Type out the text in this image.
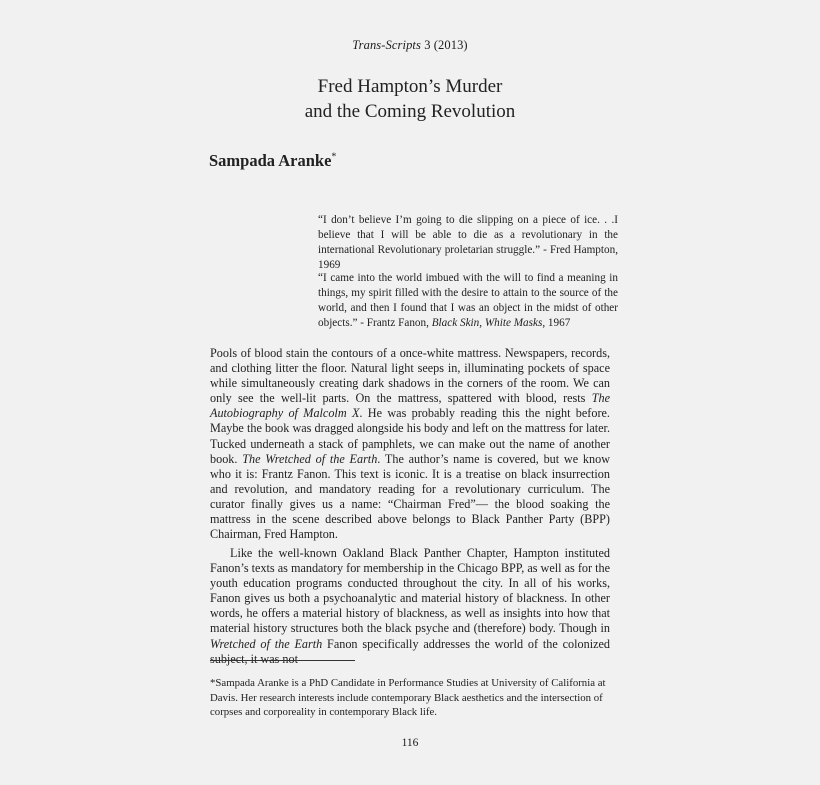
Trans-Scripts 3 (2013)
Fred Hampton’s Murder
and the Coming Revolution
Sampada Aranke*
“I don’t believe I’m going to die slipping on a piece of ice. . .I believe that I will be able to die as a revolutionary in the international Revolutionary proletarian struggle.” - Fred Hampton, 1969
“I came into the world imbued with the will to find a meaning in things, my spirit filled with the desire to attain to the source of the world, and then I found that I was an object in the midst of other objects.” - Frantz Fanon, Black Skin, White Masks, 1967
Pools of blood stain the contours of a once-white mattress. Newspapers, records, and clothing litter the floor. Natural light seeps in, illuminating pockets of space while simultaneously creating dark shadows in the corners of the room. We can only see the well-lit parts. On the mattress, spattered with blood, rests The Autobiography of Malcolm X. He was probably reading this the night before. Maybe the book was dragged alongside his body and left on the mattress for later. Tucked underneath a stack of pamphlets, we can make out the name of another book. The Wretched of the Earth. The author’s name is covered, but we know who it is: Frantz Fanon. This text is iconic. It is a treatise on black insurrection and revolution, and mandatory reading for a revolutionary curriculum. The curator finally gives us a name: “Chairman Fred”— the blood soaking the mattress in the scene described above belongs to Black Panther Party (BPP) Chairman, Fred Hampton.
Like the well-known Oakland Black Panther Chapter, Hampton instituted Fanon’s texts as mandatory for membership in the Chicago BPP, as well as for the youth education programs conducted throughout the city. In all of his works, Fanon gives us both a psychoanalytic and material history of blackness. In other words, he offers a material history of blackness, as well as insights into how that material history structures both the black psyche and (therefore) body. Though in Wretched of the Earth Fanon specifically addresses the world of the colonized subject, it was not
*Sampada Aranke is a PhD Candidate in Performance Studies at University of California at Davis. Her research interests include contemporary Black aesthetics and the intersection of corpses and corporeality in contemporary Black life.
116
